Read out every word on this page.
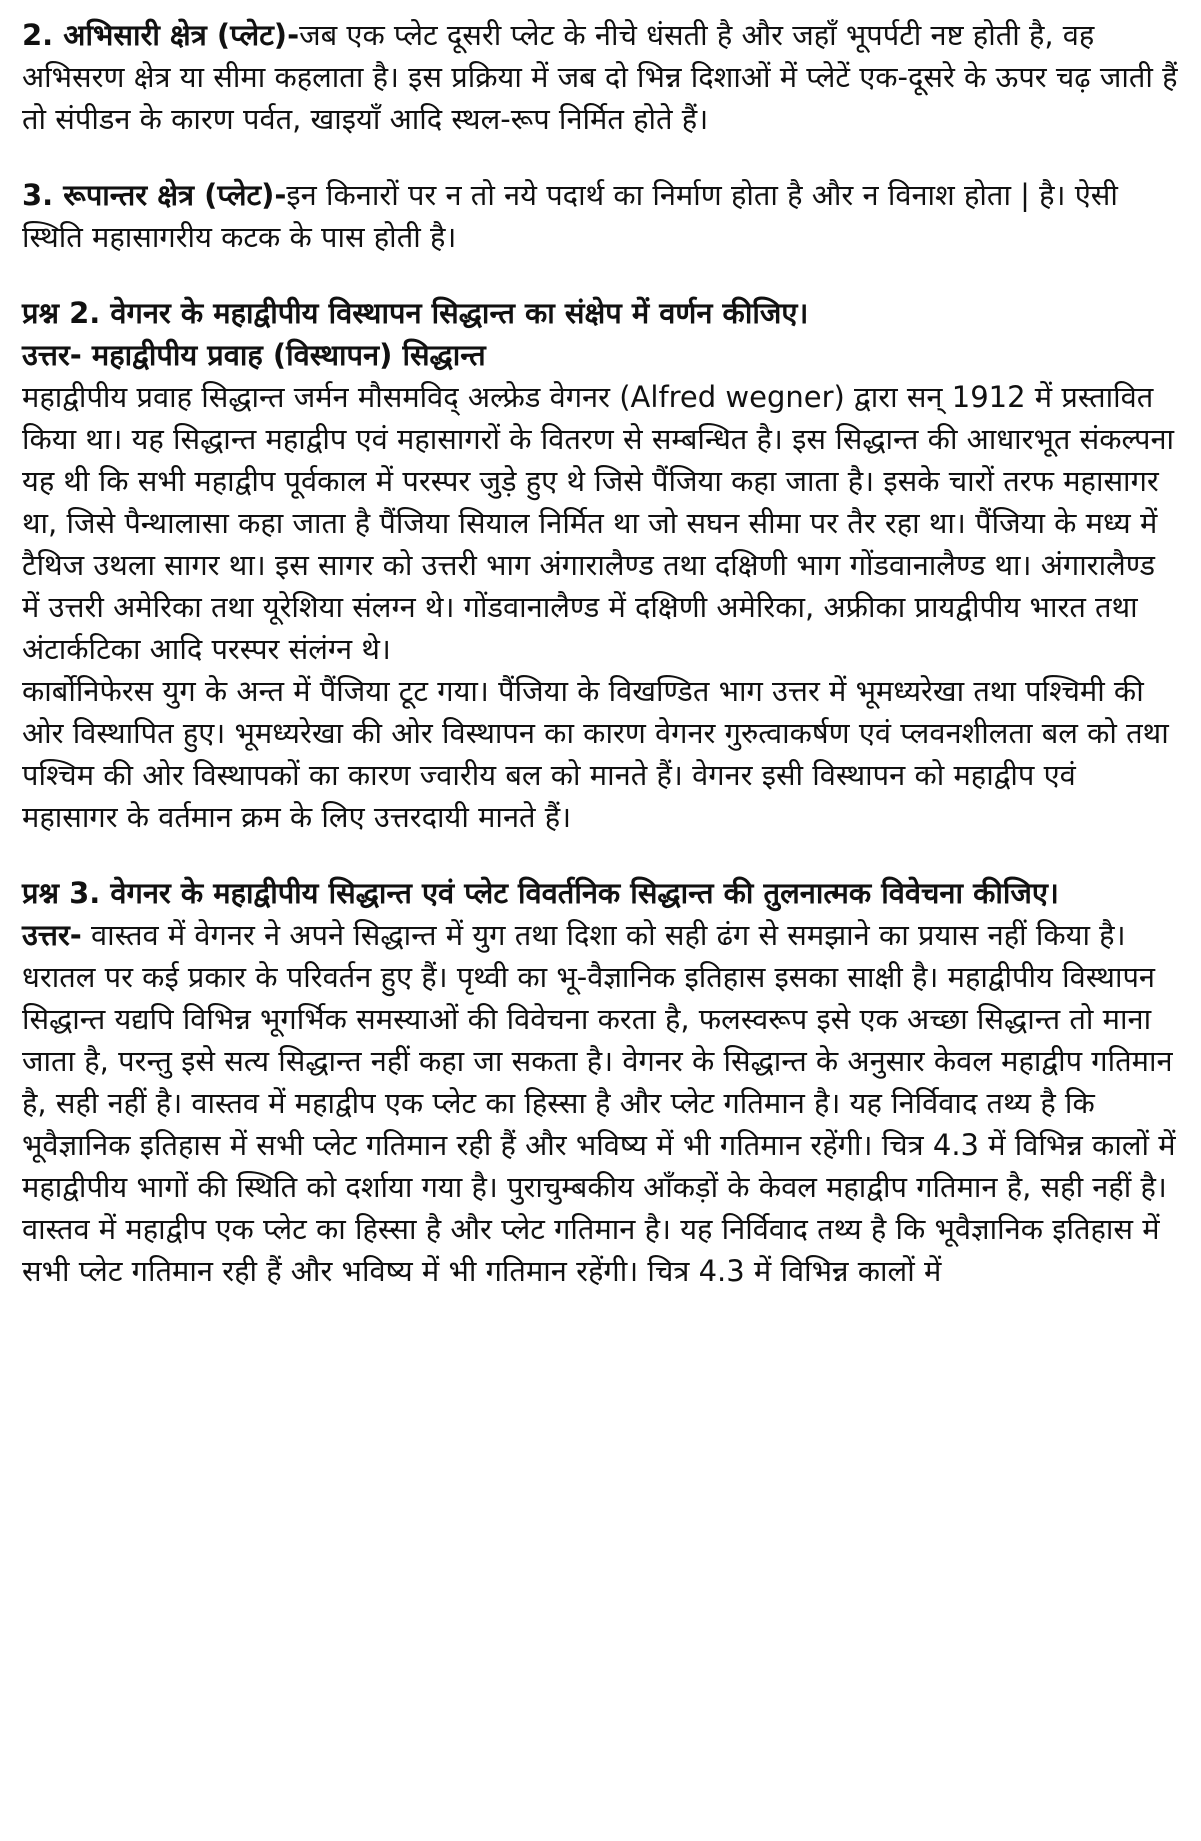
2. अभिसारी क्षेत्र (प्लेट)-जब एक प्लेट दूसरी प्लेट के नीचे धंसती है और जहाँ भूपर्पटी नष्ट होती है, वह अभिसरण क्षेत्र या सीमा कहलाता है। इस प्रक्रिया में जब दो भिन्न दिशाओं में प्लेटें एक-दूसरे के ऊपर चढ़ जाती हैं तो संपीडन के कारण पर्वत, खाइयाँ आदि स्थल-रूप निर्मित होते हैं।

3. रूपान्तर क्षेत्र (प्लेट)-इन किनारों पर न तो नये पदार्थ का निर्माण होता है और न विनाश होता | है। ऐसी स्थिति महासागरीय कटक के पास होती है।

प्रश्न 2. वेगनर के महाद्वीपीय विस्थापन सिद्धान्त का संक्षेप में वर्णन कीजिए।

उत्तर- महाद्वीपीय प्रवाह (विस्थापन) सिद्धान्त

महाद्वीपीय प्रवाह सिद्धान्त जर्मन मौसमविद् अल्फ्रेड वेगनर (Alfred wegner) द्वारा सन् 1912 में प्रस्तावित किया था। यह सिद्धान्त महाद्वीप एवं महासागरों के वितरण से सम्बन्धित है। इस सिद्धान्त की आधारभूत संकल्पना यह थी कि सभी महाद्वीप पूर्वकाल में परस्पर जुड़े हुए थे जिसे पैंजिया कहा जाता है। इसके चारों तरफ महासागर था, जिसे पैन्थालासा कहा जाता है पैंजिया सियाल निर्मित था जो सघन सीमा पर तैर रहा था। पैंजिया के मध्य में टैथिज उथला सागर था। इस सागर को उत्तरी भाग अंगारालैण्ड तथा दक्षिणी भाग गोंडवानालैण्ड था। अंगारालैण्ड में उत्तरी अमेरिका तथा यूरेशिया संलग्न थे। गोंडवानालैण्ड में दक्षिणी अमेरिका, अफ्रीका प्रायद्वीपीय भारत तथा अंटार्कटिका आदि परस्पर संलंग्न थे।

कार्बोनिफेरस युग के अन्त में पैंजिया टूट गया। पैंजिया के विखण्डित भाग उत्तर में भूमध्यरेखा तथा पश्चिमी की ओर विस्थापित हुए। भूमध्यरेखा की ओर विस्थापन का कारण वेगनर गुरुत्वाकर्षण एवं प्लवनशीलता बल को तथा पश्चिम की ओर विस्थापकों का कारण ज्वारीय बल को मानते हैं। वेगनर इसी विस्थापन को महाद्वीप एवं महासागर के वर्तमान क्रम के लिए उत्तरदायी मानते हैं।

प्रश्न 3. वेगनर के महाद्वीपीय सिद्धान्त एवं प्लेट विवर्तनिक सिद्धान्त की तुलनात्मक विवेचना कीजिए।

उत्तर- वास्तव में वेगनर ने अपने सिद्धान्त में युग तथा दिशा को सही ढंग से समझाने का प्रयास नहीं किया है। धरातल पर कई प्रकार के परिवर्तन हुए हैं। पृथ्वी का भू-वैज्ञानिक इतिहास इसका साक्षी है। महाद्वीपीय विस्थापन सिद्धान्त यद्यपि विभिन्न भूगर्भिक समस्याओं की विवेचना करता है, फलस्वरूप इसे एक अच्छा सिद्धान्त तो माना जाता है, परन्तु इसे सत्य सिद्धान्त नहीं कहा जा सकता है। वेगनर के सिद्धान्त के अनुसार केवल महाद्वीप गतिमान है, सही नहीं है। वास्तव में महाद्वीप एक प्लेट का हिस्सा है और प्लेट गतिमान है। यह निर्विवाद तथ्य है कि भूवैज्ञानिक इतिहास में सभी प्लेट गतिमान रही हैं और भविष्य में भी गतिमान रहेंगी। चित्र 4.3 में विभिन्न कालों में महाद्वीपीय भागों की स्थिति को दर्शाया गया है। पुराचुम्बकीय आँकड़ों के केवल महाद्वीप गतिमान है, सही नहीं है। वास्तव में महाद्वीप एक प्लेट का हिस्सा है और प्लेट गतिमान है। यह निर्विवाद तथ्य है कि भूवैज्ञानिक इतिहास में सभी प्लेट गतिमान रही हैं और भविष्य में भी गतिमान रहेंगी। चित्र 4.3 में विभिन्न कालों में
